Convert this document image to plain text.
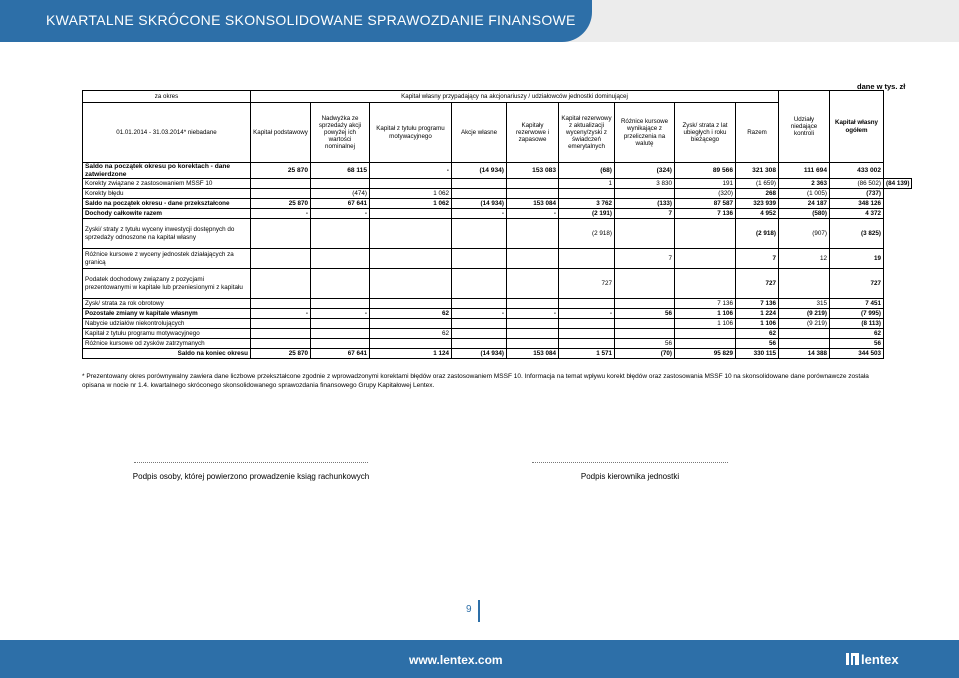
KWARTALNE SKRÓCONE SKONSOLIDOWANE SPRAWOZDANIE FINANSOWE
dane w tys. zł
za okres	Kapitał własny przypadający na akcjonariuszy / udziałowców jednostki dominującej									Udziały niedające kontroli	Kapitał własny ogółem	
01.01.2014 - 31.03.2014* niebadane	Kapitał podstawowy	Nadwyżka ze sprzedaży akcji powyżej ich wartości nominalnej	Kapitał z tytułu programu motywacyjnego	Akcje własne	Kapitały rezerwowe i zapasowe	Kapitał rezerwowy z aktualizacji wyceny/zyski z świadczeń emerytalnych	Różnice kursowe wynikające z przeliczenia na walutę	Zysk/ strata z lat ubiegłych i roku bieżącego	Razem			
Saldo na początek okresu po korektach - dane zatwierdzone	25 870	68 115	-	(14 934)	153 083	(68)	(324)	89 566	321 308	111 694	433 002	
Korekty związane z zastosowaniem MSSF 10						1	3 830	191	(1 659)	2 363	(86 502)	(84 139)
Korekty błędu		(474)	1 062					(320)	268	(1 005)	(737)	
Saldo na początek okresu - dane przekształcone	25 870	67 641	1 062	(14 934)	153 084	3 762	(133)	87 587	323 939	24 187	348 126	
Dochody całkowite razem	-	-		-	-	(2 191)	7	7 136	4 952	(580)	4 372	
Zyski/ straty z tytułu wyceny inwestycji dostępnych do sprzedaży odnoszone na kapitał własny						(2 918)			(2 918)	(907)	(3 825)	
Różnice kursowe z wyceny jednostek działających za granicą							7		7	12	19	
Podatek dochodowy związany z pozycjami prezentowanymi w kapitale lub przeniesionymi z kapitału						727			727		727	
Zysk/ strata za rok obrotowy								7 136	7 136	315	7 451	
Pozostałe zmiany w kapitale własnym	-	-	62	-	-	-	56	1 106	1 224	(9 219)	(7 995)	
Nabycie udziałów niekontrolujących								1 106	1 106	(9 219)	(8 113)	
Kapitał z tytułu programu motywacyjnego			62						62		62	
Różnice kursowe od zysków zatrzymanych							56		56		56	
Saldo na koniec okresu	25 870	67 641	1 124	(14 934)	153 084	1 571	(70)	95 829	330 115	14 388	344 503	
* Prezentowany okres porównywalny zawiera dane liczbowe przekształcone zgodnie z wprowadzonymi korektami błędów oraz zastosowaniem MSSF 10. Informacja na temat wpływu korekt błędów oraz zastosowania MSSF 10 na skonsolidowane dane porównawcze została opisana w nocie nr 1.4. kwartalnego skróconego skonsolidowanego sprawozdania finansowego Grupy Kapitałowej Lentex.
Podpis osoby, której powierzono prowadzenie ksiąg rachunkowych	Podpis kierownika jednostki
9
www.lentex.com	lentex
